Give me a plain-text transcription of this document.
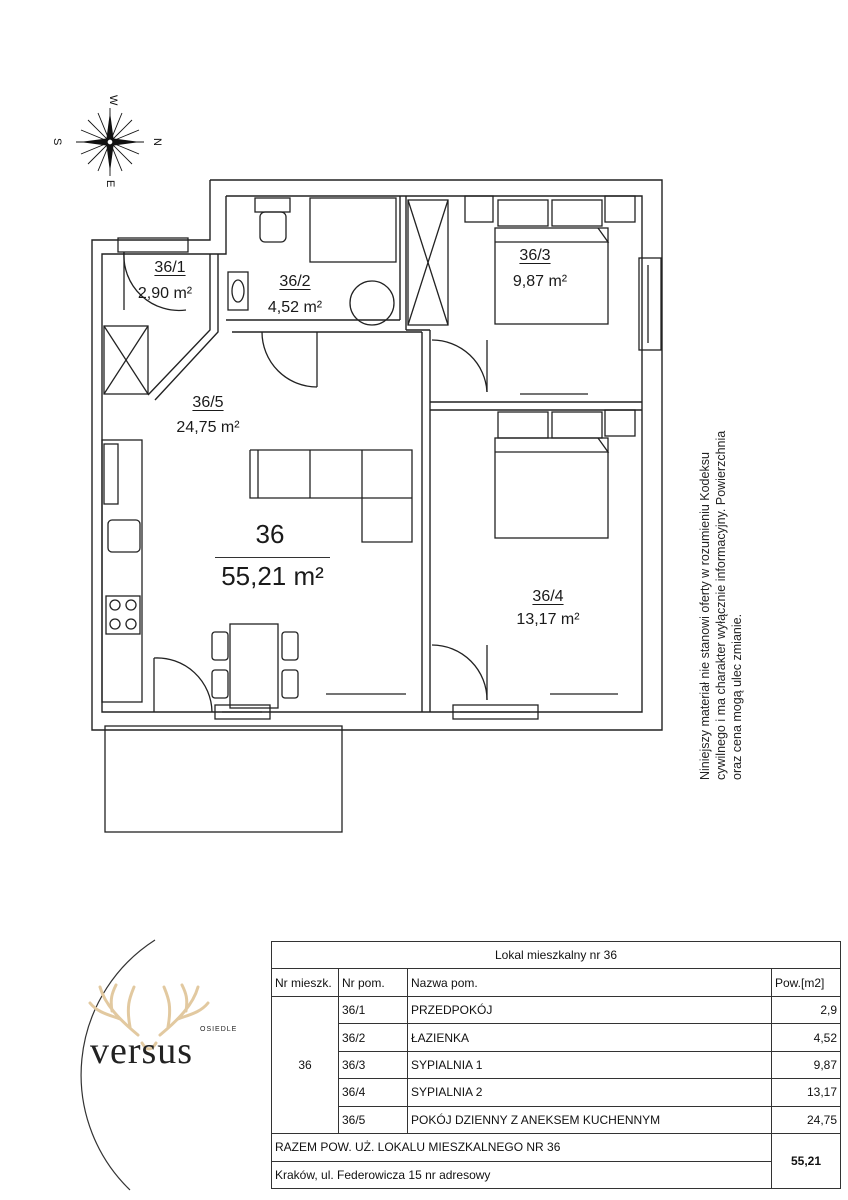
W
S	N
E
36/1
2,90 m²
36/2
4,52 m²
36/3
9,87 m²
36/4
13,17 m²
36/5
24,75 m²
36
55,21 m²	Niniejszy materiał nie stanowi oferty w rozumieniu Kodeksu cywilnego i ma charakter wyłącznie informacyjny. Powierzchnia oraz cena mogą ulec zmianie.
OSIEDLE
versus
Lokal mieszkalny nr 36			
Nr mieszk.	Nr pom.	Nazwa pom.	Pow.[m2]
36	36/1	PRZEDPOKÓJ	2,9
	36/2	ŁAZIENKA	4,52
	36/3	SYPIALNIA 1	9,87
	36/4	SYPIALNIA 2	13,17
	36/5	POKÓJ DZIENNY Z ANEKSEM KUCHENNYM	24,75
RAZEM POW. UŻ. LOKALU MIESZKALNEGO NR 36			55,21
Kraków, ul. Federowicza 15 nr adresowy			
